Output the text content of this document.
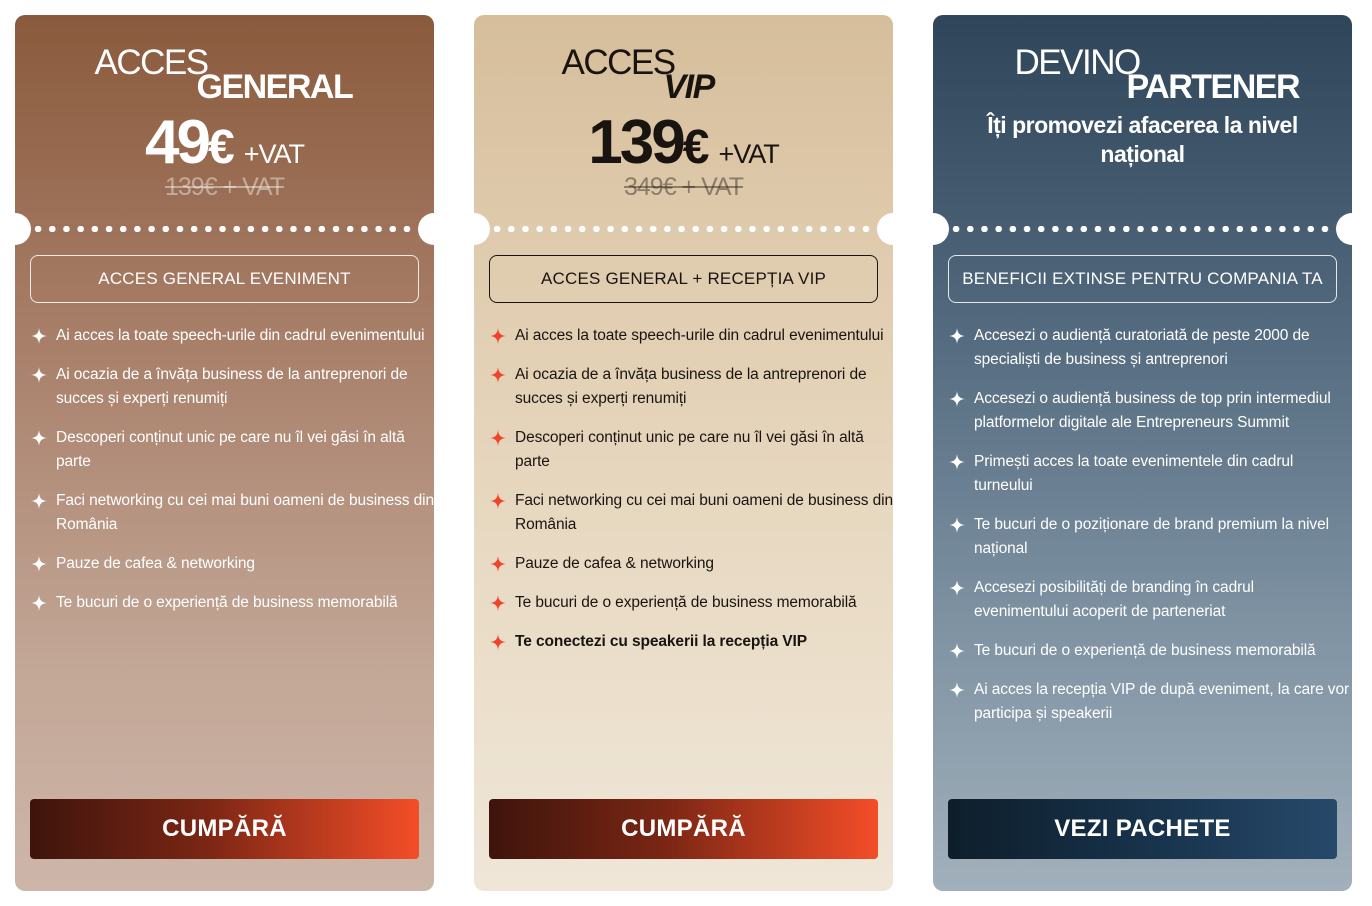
ACCES
GENERAL
49€ +VAT
139€ + VAT
ACCES GENERAL EVENIMENT
Ai acces la toate speech-urile din cadrul evenimentului
Ai ocazia de a învăța business de la antreprenori de succes și experți renumiți
Descoperi conținut unic pe care nu îl vei găsi în altă parte
Faci networking cu cei mai buni oameni de business din România
Pauze de cafea & networking
Te bucuri de o experiență de business memorabilă
CUMPĂRĂ
ACCES
VIP
139€ +VAT
349€ + VAT
ACCES GENERAL + RECEPȚIA VIP
Ai acces la toate speech-urile din cadrul evenimentului
Ai ocazia de a învăța business de la antreprenori de succes și experți renumiți
Descoperi conținut unic pe care nu îl vei găsi în altă parte
Faci networking cu cei mai buni oameni de business din România
Pauze de cafea & networking
Te bucuri de o experiență de business memorabilă
Te conectezi cu speakerii la recepția VIP
CUMPĂRĂ
DEVINO
PARTENER
Îți promovezi afacerea la nivel național
BENEFICII EXTINSE PENTRU COMPANIA TA
Accesezi o audiență curatoriată de peste 2000 de specialiști de business și antreprenori
Accesezi o audiență business de top prin intermediul platformelor digitale ale Entrepreneurs Summit
Primești acces la toate evenimentele din cadrul turneului
Te bucuri de o poziționare de brand premium la nivel național
Accesezi posibilități de branding în cadrul evenimentului acoperit de parteneriat
Te bucuri de o experiență de business memorabilă
Ai acces la recepția VIP de după eveniment, la care vor participa și speakerii
VEZI PACHETE
